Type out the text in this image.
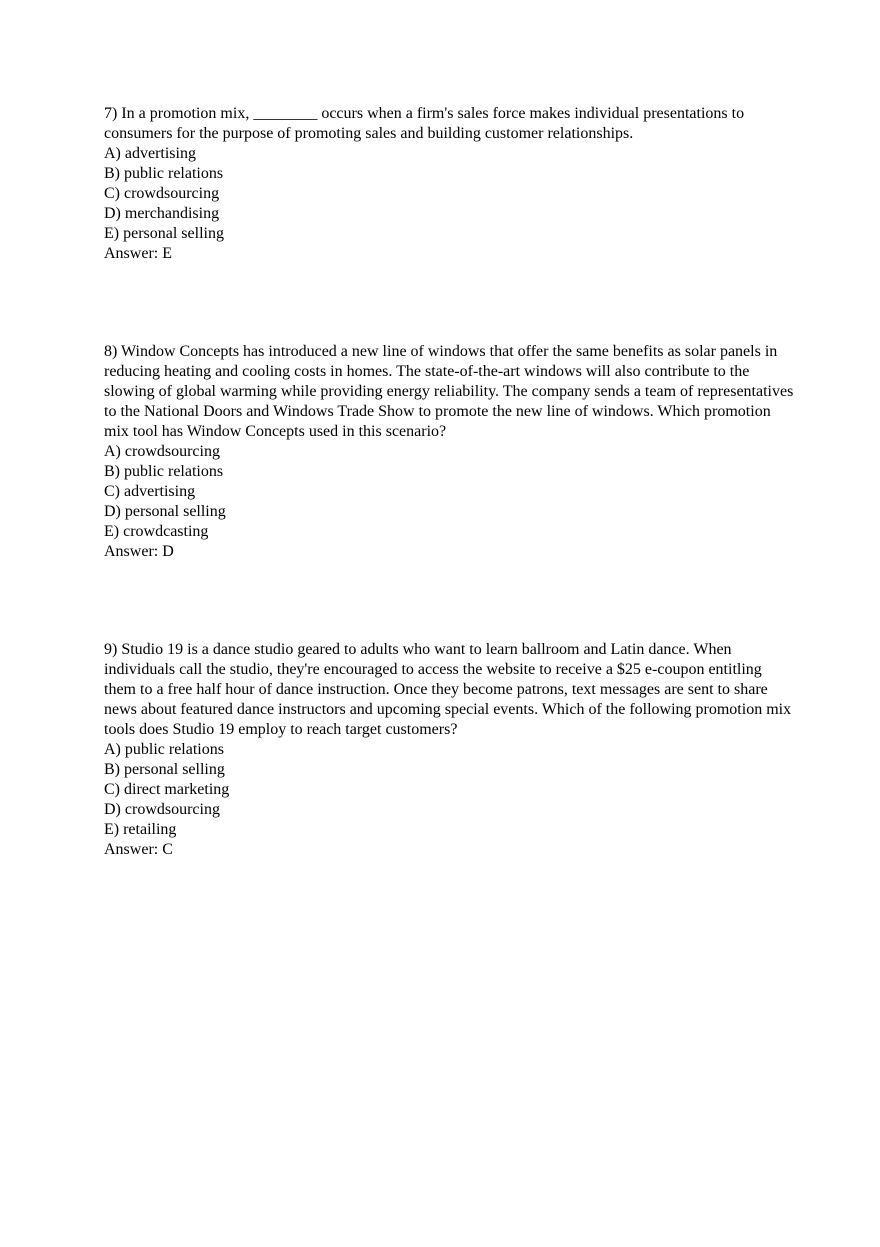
7) In a promotion mix, ________ occurs when a firm's sales force makes individual presentations to consumers for the purpose of promoting sales and building customer relationships.

A) advertising
B) public relations
C) crowdsourcing
D) merchandising
E) personal selling

Answer: E

8) Window Concepts has introduced a new line of windows that offer the same benefits as solar panels in reducing heating and cooling costs in homes. The state-of-the-art windows will also contribute to the slowing of global warming while providing energy reliability. The company sends a team of representatives to the National Doors and Windows Trade Show to promote the new line of windows. Which promotion mix tool has Window Concepts used in this scenario?

A) crowdsourcing
B) public relations
C) advertising
D) personal selling
E) crowdcasting

Answer: D

9) Studio 19 is a dance studio geared to adults who want to learn ballroom and Latin dance. When individuals call the studio, they're encouraged to access the website to receive a $25 e-coupon entitling them to a free half hour of dance instruction. Once they become patrons, text messages are sent to share news about featured dance instructors and upcoming special events. Which of the following promotion mix tools does Studio 19 employ to reach target customers?

A) public relations
B) personal selling
C) direct marketing
D) crowdsourcing
E) retailing

Answer: C
